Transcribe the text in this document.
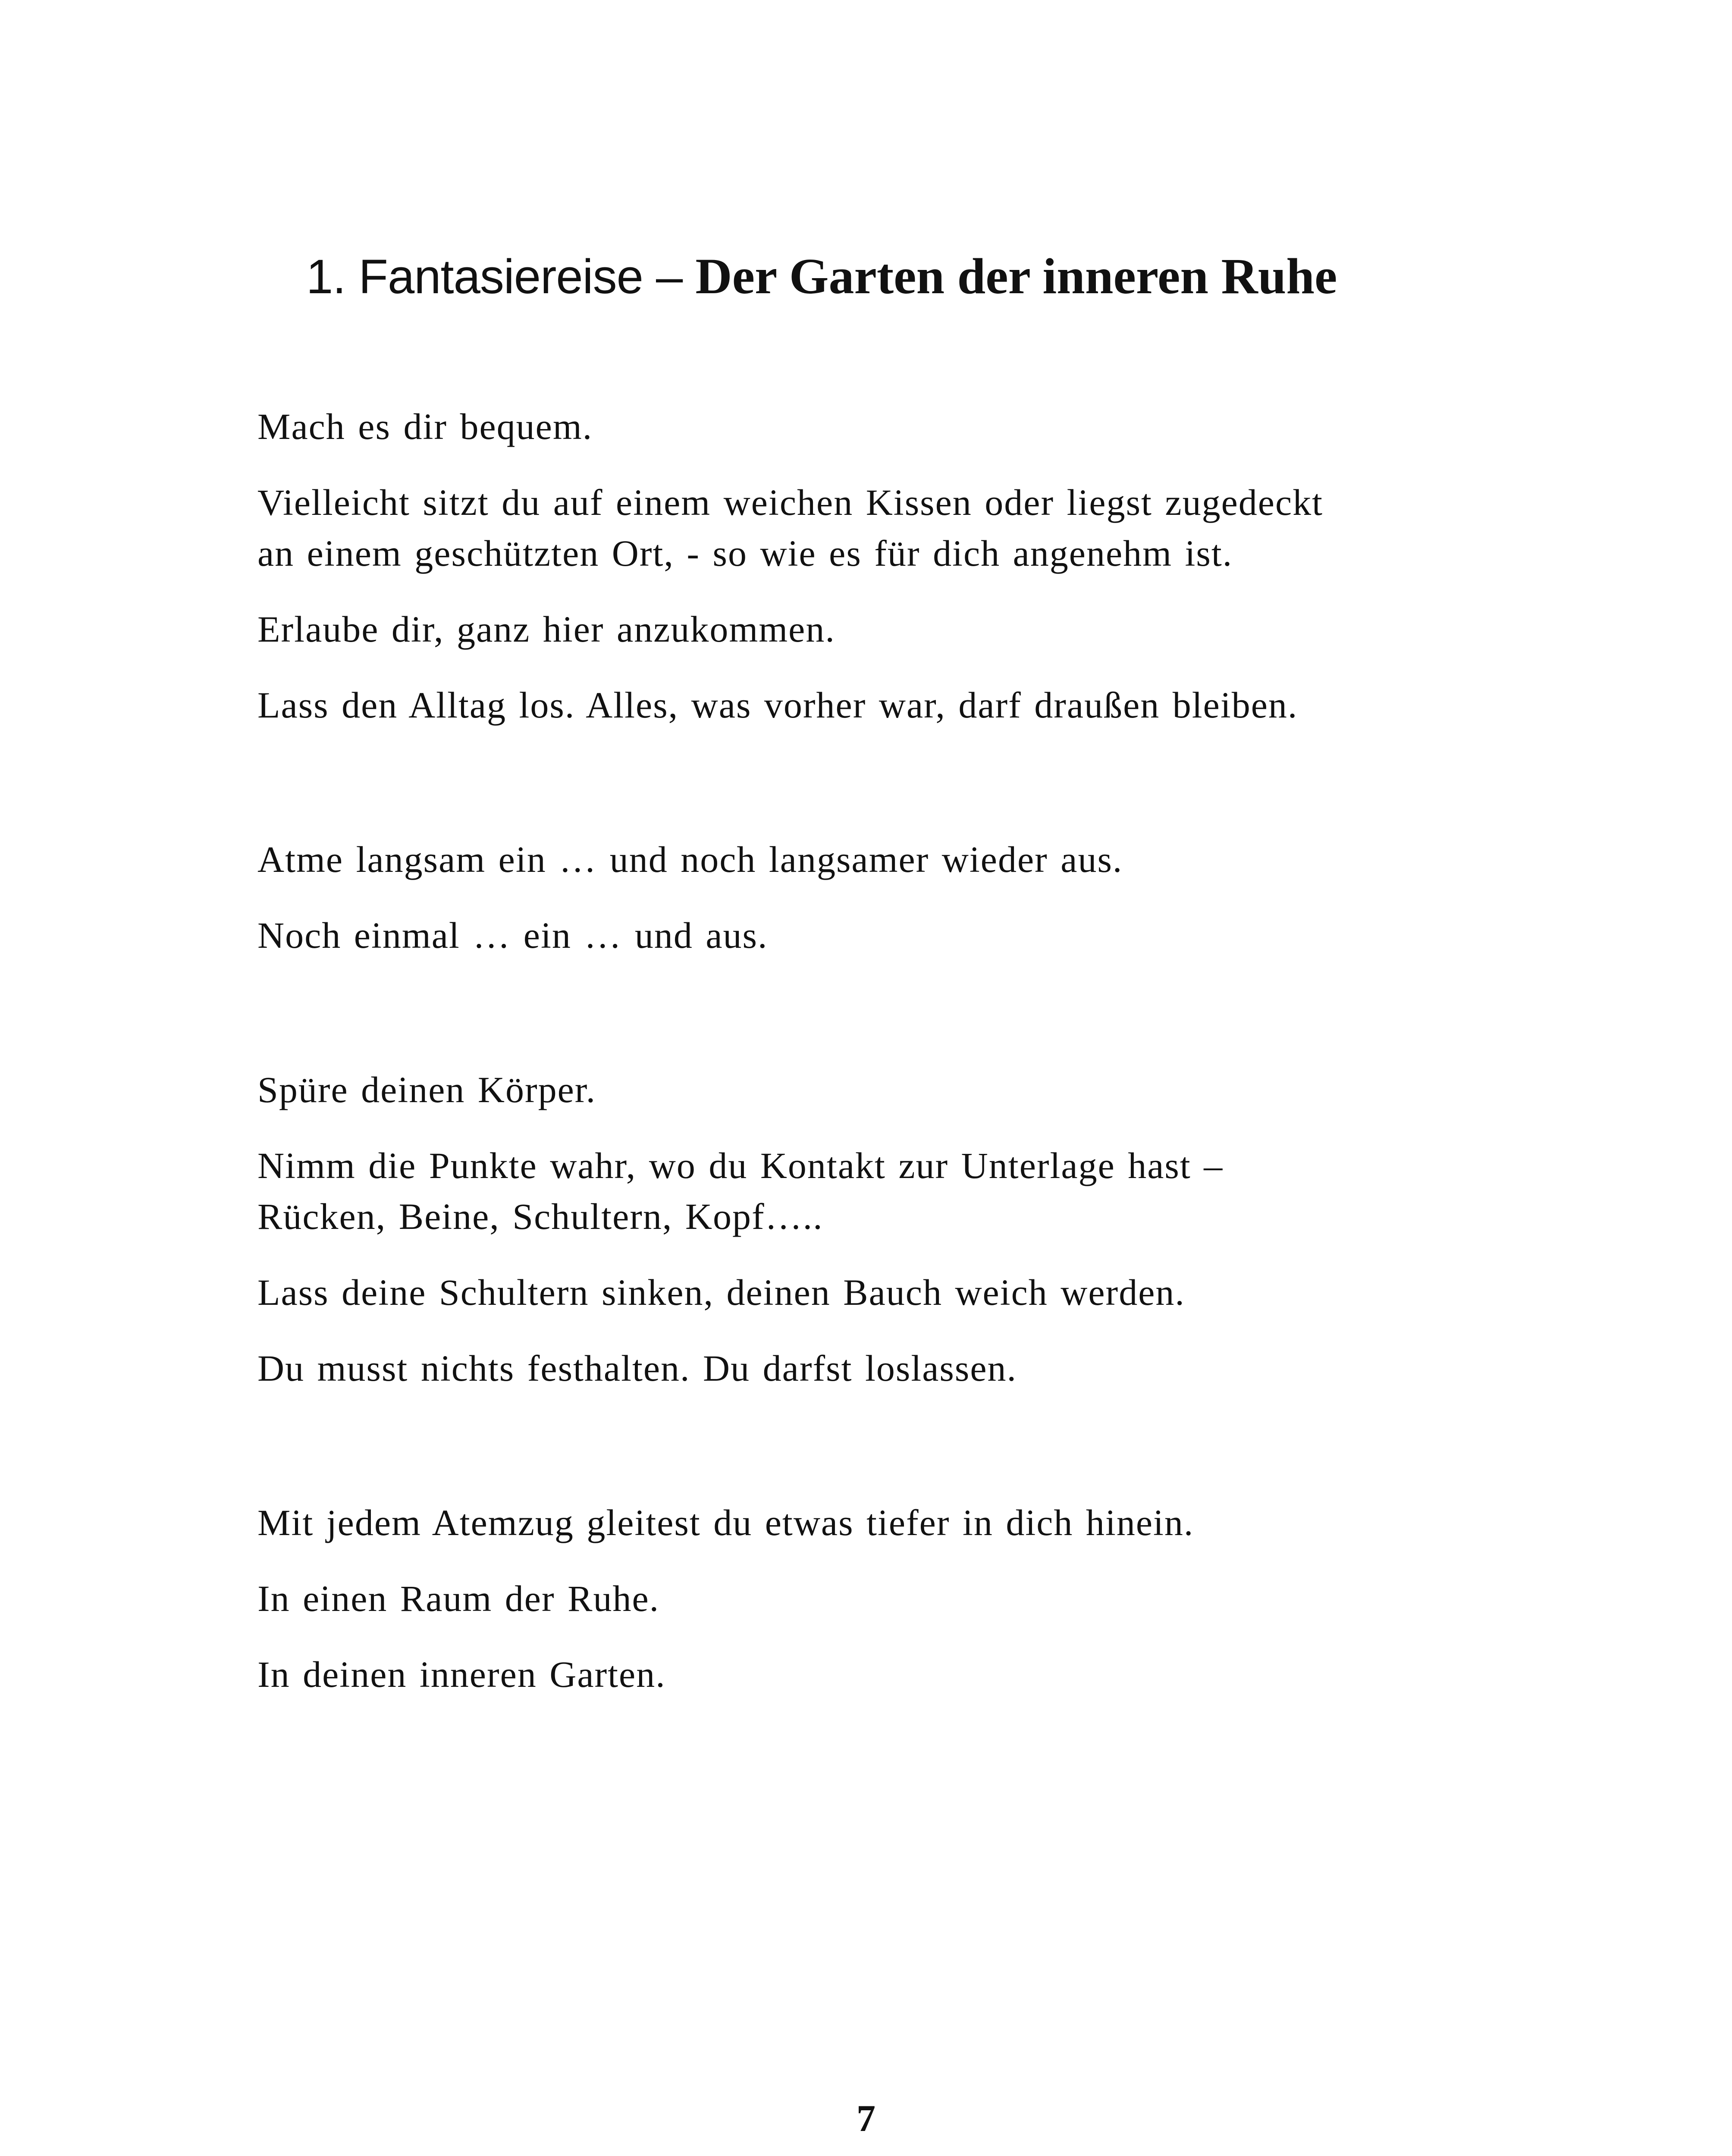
1. Fantasiereise – Der Garten der inneren Ruhe

Mach es dir bequem.

Vielleicht sitzt du auf einem weichen Kissen oder liegst zugedeckt
an einem geschützten Ort, - so wie es für dich angenehm ist.

Erlaube dir, ganz hier anzukommen.

Lass den Alltag los. Alles, was vorher war, darf draußen bleiben.

Atme langsam ein … und noch langsamer wieder aus.

Noch einmal … ein … und aus.

Spüre deinen Körper.

Nimm die Punkte wahr, wo du Kontakt zur Unterlage hast –
Rücken, Beine, Schultern, Kopf…..

Lass deine Schultern sinken, deinen Bauch weich werden.

Du musst nichts festhalten. Du darfst loslassen.

Mit jedem Atemzug gleitest du etwas tiefer in dich hinein.

In einen Raum der Ruhe.

In deinen inneren Garten.

7
